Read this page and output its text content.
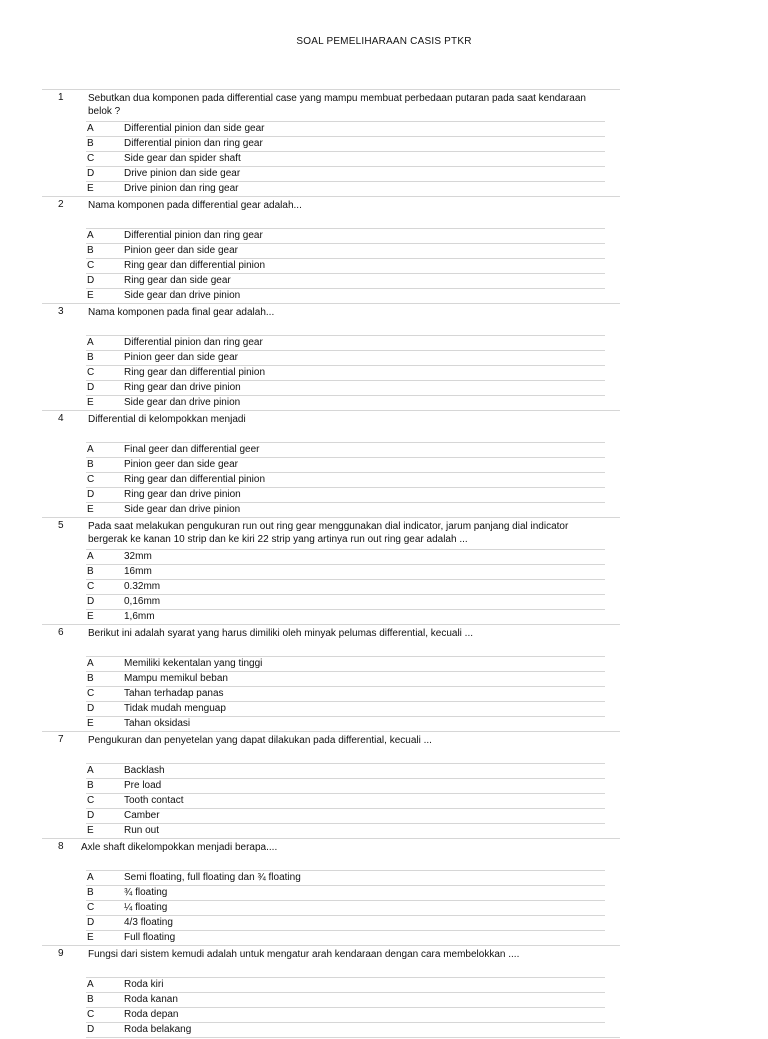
SOAL PEMELIHARAAN CASIS PTKR
1	Sebutkan dua komponen pada differential case yang mampu membuat perbedaan putaran pada saat kendaraan belok ?
A	Differential pinion dan side gear
B	Differential pinion dan ring gear
C	Side gear dan spider shaft
D	Drive pinion dan side gear
E	Drive pinion dan ring gear
2	Nama komponen pada differential gear adalah...
A	Differential pinion dan ring gear
B	Pinion geer dan side gear
C	Ring gear dan differential pinion
D	Ring gear dan side gear
E	Side gear dan drive pinion
3	Nama komponen pada final gear adalah...
A	Differential pinion dan ring gear
B	Pinion geer dan side gear
C	Ring gear dan differential pinion
D	Ring gear dan drive pinion
E	Side gear dan drive pinion
4	Differential di kelompokkan menjadi
A	Final geer dan differential geer
B	Pinion geer dan side gear
C	Ring gear dan differential pinion
D	Ring gear dan drive pinion
E	Side gear dan drive pinion
5	Pada saat melakukan pengukuran run out ring gear menggunakan dial indicator, jarum panjang dial indicator bergerak ke kanan 10 strip dan ke kiri 22 strip yang artinya run out ring gear adalah ...
A	32mm
B	16mm
C	0.32mm
D	0,16mm
E	1,6mm
6	Berikut ini adalah syarat yang harus dimiliki oleh minyak pelumas differential, kecuali ...
A	Memiliki kekentalan yang tinggi
B	Mampu memikul beban
C	Tahan terhadap panas
D	Tidak mudah menguap
E	Tahan oksidasi
7	Pengukuran dan penyetelan yang dapat dilakukan pada differential, kecuali ...
A	Backlash
B	Pre load
C	Tooth contact
D	Camber
E	Run out
8	Axle shaft dikelompokkan menjadi berapa....
A	Semi floating, full floating dan ¾ floating
B	¾ floating
C	¼ floating
D	4/3 floating
E	Full floating
9	Fungsi dari sistem kemudi adalah untuk mengatur arah kendaraan dengan cara membelokkan ....
A	Roda kiri
B	Roda kanan
C	Roda depan
D	Roda belakang
